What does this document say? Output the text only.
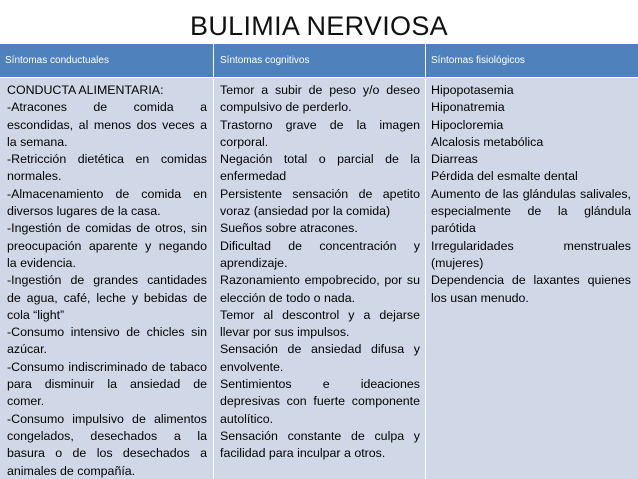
BULIMIA NERVIOSA
Síntomas conductuales	Síntomas cognitivos	Síntomas fisiológicos
CONDUCTA ALIMENTARIA:
-Atracones de comida a escondidas, al menos dos veces a la semana.
-Retricción dietética en comidas normales.
-Almacenamiento de comida en diversos lugares de la casa.
-Ingestión de comidas de otros, sin preocupación aparente y negando la evidencia.
-Ingestión de grandes cantidades de agua, café, leche y bebidas de cola “light”
-Consumo intensivo de chicles sin azúcar.
-Consumo indiscriminado de tabaco para disminuir la ansiedad de comer.
-Consumo impulsivo de alimentos congelados, desechados a la basura o de los desechados a animales de compañía.
Temor a subir de peso y/o deseo compulsivo de perderlo.
Trastorno grave de la imagen corporal.
Negación total o parcial de la enfermedad
Persistente sensación de apetito voraz (ansiedad por la comida)
Sueños sobre atracones.
Dificultad de concentración y aprendizaje.
Razonamiento empobrecido, por su elección de todo o nada.
Temor al descontrol y a dejarse llevar por sus impulsos.
Sensación de ansiedad difusa y envolvente.
Sentimientos e ideaciones depresivas con fuerte componente autolítico.
Sensación constante de culpa y facilidad para inculpar a otros.
Hipopotasemia
Hiponatremia
Hipocloremia
Alcalosis metabólica
Diarreas
Pérdida del esmalte dental
Aumento de las glándulas salivales, especialmente de la glándula parótida
Irregularidades menstruales (mujeres)
Dependencia de laxantes quienes los usan menudo.
